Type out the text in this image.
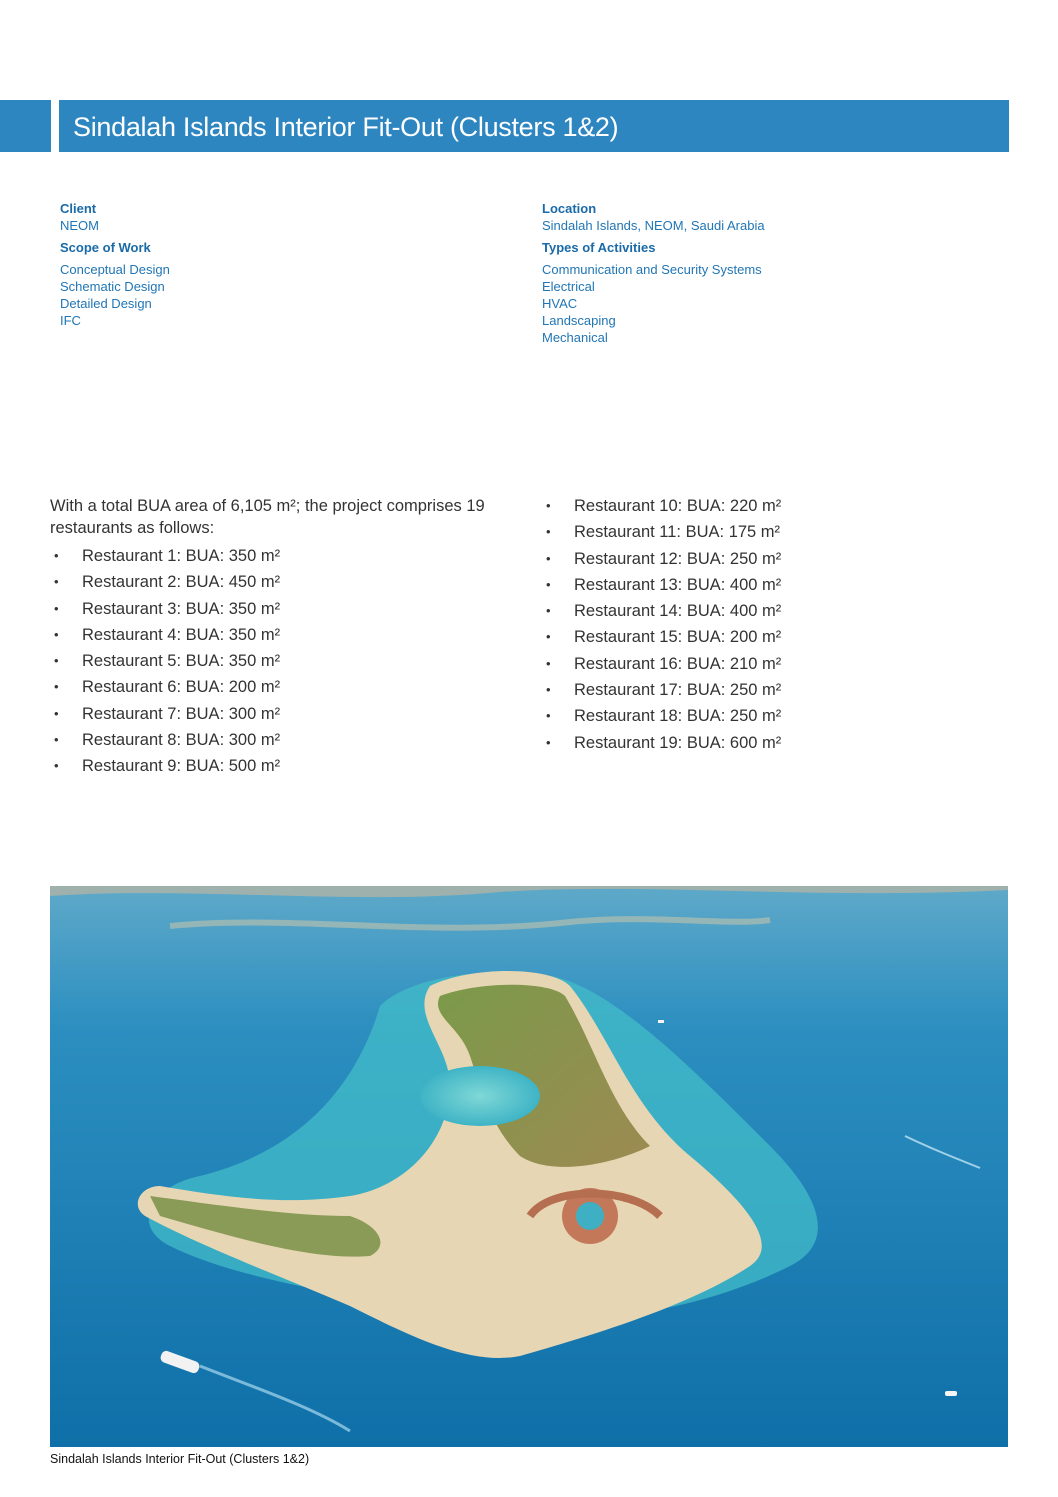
Sindalah Islands Interior Fit-Out (Clusters 1&2)
Client
NEOM
Scope of Work
Conceptual Design
Schematic Design
Detailed Design
IFC
Location
Sindalah Islands, NEOM, Saudi Arabia
Types of Activities
Communication and Security Systems
Electrical
HVAC
Landscaping
Mechanical

With a total BUA area of 6,105 m²; the project comprises 19 restaurants as follows:

• Restaurant 1: BUA: 350 m²
• Restaurant 2: BUA: 450 m²
• Restaurant 3: BUA: 350 m²
• Restaurant 4: BUA: 350 m²
• Restaurant 5: BUA: 350 m²
• Restaurant 6: BUA: 200 m²
• Restaurant 7: BUA: 300 m²
• Restaurant 8: BUA: 300 m²
• Restaurant 9: BUA: 500 m²
• Restaurant 10: BUA: 220 m²
• Restaurant 11: BUA: 175 m²
• Restaurant 12: BUA: 250 m²
• Restaurant 13: BUA: 400 m²
• Restaurant 14: BUA: 400 m²
• Restaurant 15: BUA: 200 m²
• Restaurant 16: BUA: 210 m²
• Restaurant 17: BUA: 250 m²
• Restaurant 18: BUA: 250 m²
• Restaurant 19: BUA: 600 m²
Sindalah Islands Interior Fit-Out (Clusters 1&2)
